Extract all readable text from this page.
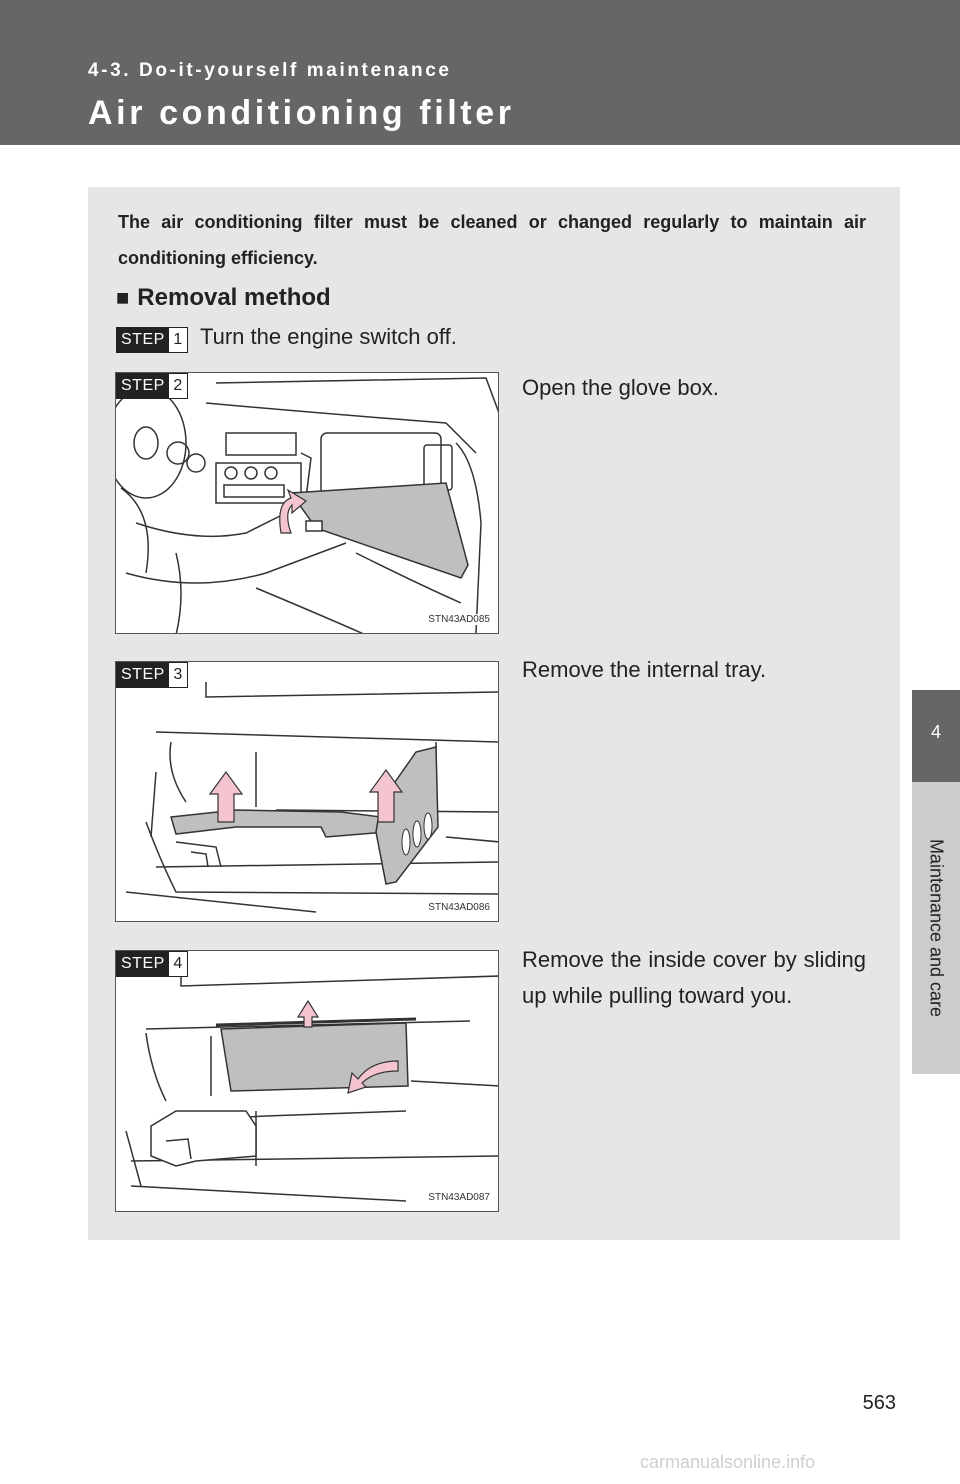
4-3. Do-it-yourself maintenance
Air conditioning filter
4
Maintenance and care

The air conditioning filter must be cleaned or changed regularly to maintain air conditioning efficiency.

■ Removal method
STEP 1 Turn the engine switch off.
STEP 2
STN43AD085

Open the glove box.

STEP 3
STN43AD086

Remove the internal tray.

STEP 4
STN43AD087

Remove the inside cover by sliding up while pulling toward you.

563
carmanualsonline.info
